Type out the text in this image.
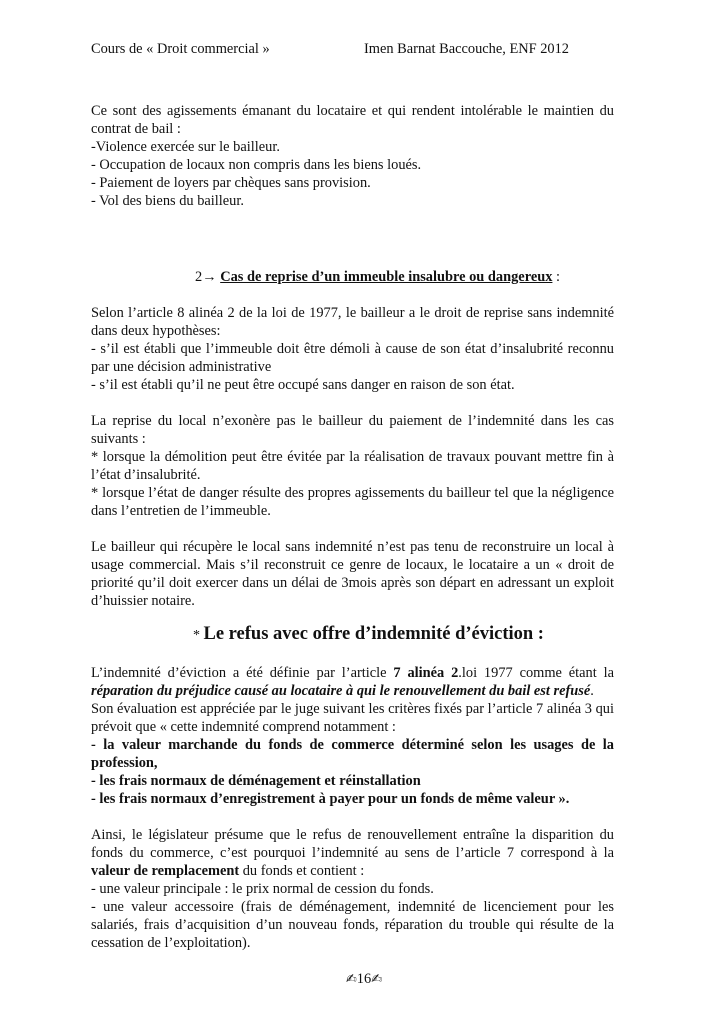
Cours de « Droit commercial »	Imen Barnat Baccouche, ENF 2012

Ce sont des agissements émanant du locataire et qui rendent intolérable le maintien du contrat de bail :

-Violence exercée sur le bailleur.

- Occupation de locaux non compris dans les biens loués.

- Paiement de loyers par chèques sans provision.

- Vol des biens du bailleur.

2→ Cas de reprise d’un immeuble insalubre ou dangereux :

Selon l’article 8 alinéa 2 de la loi de 1977, le bailleur a le droit de reprise sans indemnité dans deux hypothèses:

- s’il est établi que l’immeuble doit être démoli à cause de son état d’insalubrité reconnu par une décision administrative

- s’il est établi qu’il ne peut être occupé sans danger en raison de son état.

La reprise du local n’exonère pas le bailleur du paiement de l’indemnité dans les cas suivants :

* lorsque la démolition peut être évitée par la réalisation de travaux pouvant mettre fin à l’état d’insalubrité.

* lorsque l’état de danger résulte des propres agissements du bailleur tel que la négligence dans l’entretien de l’immeuble.

Le bailleur qui récupère le local sans indemnité n’est pas tenu de reconstruire un local à usage commercial. Mais s’il reconstruit ce genre de locaux, le locataire a un « droit de priorité qu’il doit exercer dans un délai de 3mois après son départ en adressant un exploit d’huissier notaire.

* Le refus avec offre d’indemnité d’éviction :

L’indemnité d’éviction a été définie par l’article 7 alinéa 2.loi 1977 comme étant la réparation du préjudice causé au locataire à qui le renouvellement du bail est refusé.

Son évaluation est appréciée par le juge suivant les critères fixés par l’article 7 alinéa 3 qui prévoit que « cette indemnité comprend notamment :

- la valeur marchande du fonds de commerce déterminé selon les usages de la profession,

- les frais normaux de déménagement et réinstallation

- les frais normaux d’enregistrement à payer pour un fonds de même valeur ».

Ainsi, le législateur présume que le refus de renouvellement entraîne la disparition du fonds du commerce, c’est pourquoi l’indemnité au sens de l’article 7 correspond à la valeur de remplacement du fonds et contient :

- une valeur principale : le prix normal de cession du fonds.

- une valeur accessoire (frais de déménagement, indemnité de licenciement pour les salariés, frais d’acquisition d’un nouveau fonds, réparation du trouble qui résulte de la cessation de l’exploitation).

✍16✍
